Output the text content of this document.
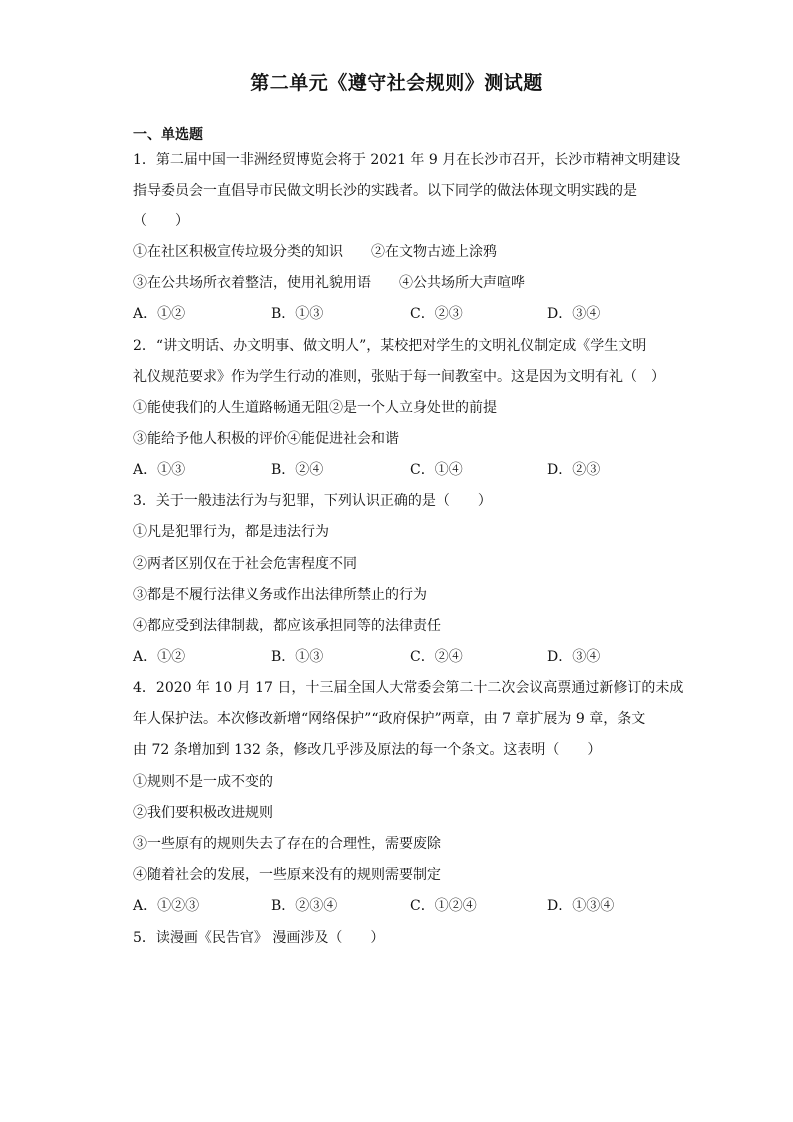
第二单元《遵守社会规则》测试题
一、单选题
1．第二届中国一非洲经贸博览会将于 2021 年 9 月在长沙市召开，长沙市精神文明建设
指导委员会一直倡导市民做文明长沙的实践者。以下同学的做法体现文明实践的是
（　　）
①在社区积极宣传垃圾分类的知识　　②在文物古迹上涂鸦
③在公共场所衣着整洁，使用礼貌用语　　④公共场所大声喧哗
A．①②	B．①③	C．②③	D．③④
2．“讲文明话、办文明事、做文明人”，某校把对学生的文明礼仪制定成《学生文明
礼仪规范要求》作为学生行动的准则，张贴于每一间教室中。这是因为文明有礼（　）
①能使我们的人生道路畅通无阻②是一个人立身处世的前提
③能给予他人积极的评价④能促进社会和谐
A．①③	B．②④	C．①④	D．②③
3．关于一般违法行为与犯罪，下列认识正确的是（　　）
①凡是犯罪行为，都是违法行为
②两者区别仅在于社会危害程度不同
③都是不履行法律义务或作出法律所禁止的行为
④都应受到法律制裁，都应该承担同等的法律责任
A．①②	B．①③	C．②④	D．③④
4．2020 年 10 月 17 日，十三届全国人大常委会第二十二次会议高票通过新修订的未成
年人保护法。本次修改新增“网络保护”“政府保护”两章，由 7 章扩展为 9 章，条文
由 72 条增加到 132 条，修改几乎涉及原法的每一个条文。这表明（　　）
①规则不是一成不变的
②我们要积极改进规则
③一些原有的规则失去了存在的合理性，需要废除
④随着社会的发展，一些原来没有的规则需要制定
A．①②③	B．②③④	C．①②④	D．①③④
5．读漫画《民告官》 漫画涉及（　　）
